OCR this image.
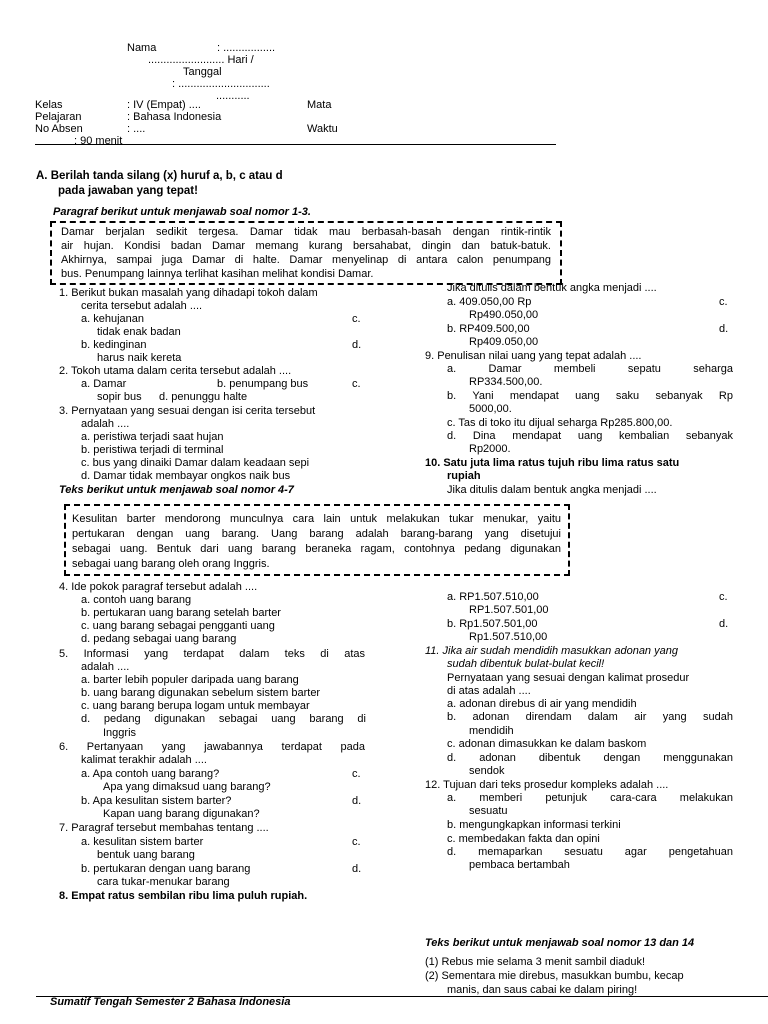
Nama	: .................
......................... Hari /
Tanggal
: ..............................
...........
Kelas	: IV (Empat) ....	Mata
Pelajaran	: Bahasa Indonesia
No Absen	: ....	Waktu
: 90 menit
A. Berilah tanda silang (x) huruf a, b, c atau d
pada jawaban yang tepat!
Paragraf berikut untuk menjawab soal nomor 1-3.
Damar berjalan sedikit tergesa. Damar tidak mau berbasah-basah dengan rintik-rintik
air hujan. Kondisi badan Damar memang kurang bersahabat, dingin dan batuk-batuk.
Akhirnya, sampai juga Damar di halte. Damar menyelinap di antara calon penumpang
bus. Penumpang lainnya terlihat kasihan melihat kondisi Damar.
1. Berikut bukan masalah yang dihadapi tokoh dalam
cerita tersebut adalah ....
a. kehujanan	c.
tidak enak badan
b. kedinginan	d.
harus naik kereta
2. Tokoh utama dalam cerita tersebut adalah ....
a. Damar	b. penumpang bus	c.
sopir bus d. penunggu halte
3. Pernyataan yang sesuai dengan isi cerita tersebut
adalah ....
a. peristiwa terjadi saat hujan
b. peristiwa terjadi di terminal
c. bus yang dinaiki Damar dalam keadaan sepi
d. Damar tidak membayar ongkos naik bus
Teks berikut untuk menjawab soal nomor 4-7
Kesulitan barter mendorong munculnya cara lain untuk melakukan tukar menukar, yaitu
pertukaran dengan uang barang. Uang barang adalah barang-barang yang disetujui
sebagai uang. Bentuk dari uang barang beraneka ragam, contohnya pedang digunakan
sebagai uang barang oleh orang Inggris.
4. Ide pokok paragraf tersebut adalah ....
a. contoh uang barang
b. pertukaran uang barang setelah barter
c. uang barang sebagai pengganti uang
d. pedang sebagai uang barang
5. Informasi yang terdapat dalam teks di atas
adalah ....
a. barter lebih populer daripada uang barang
b. uang barang digunakan sebelum sistem barter
c. uang barang berupa logam untuk membayar
d. pedang digunakan sebagai uang barang di
Inggris
6. Pertanyaan yang jawabannya terdapat pada
kalimat terakhir adalah ....
a. Apa contoh uang barang?	c.
Apa yang dimaksud uang barang?
b. Apa kesulitan sistem barter?	d.
Kapan uang barang digunakan?
7. Paragraf tersebut membahas tentang ....
a. kesulitan sistem barter	c.
bentuk uang barang
b. pertukaran dengan uang barang	d.
cara tukar-menukar barang
8. Empat ratus sembilan ribu lima puluh rupiah.
Jika ditulis dalam bentuk angka menjadi ....
a. 409.050,00 Rp	c.
Rp490.050,00
b. RP409.500,00	d.
Rp409.050,00
9. Penulisan nilai uang yang tepat adalah ....
a. Damar membeli sepatu seharga
RP334.500,00.
b. Yani mendapat uang saku sebanyak Rp
5000,00.
c. Tas di toko itu dijual seharga Rp285.800,00.
d. Dina mendapat uang kembalian sebanyak
Rp2000.
10. Satu juta lima ratus tujuh ribu lima ratus satu
rupiah
Jika ditulis dalam bentuk angka menjadi ....
a. RP1.507.510,00	c.
RP1.507.501,00
b. Rp1.507.501,00	d.
Rp1.507.510,00
11. Jika air sudah mendidih masukkan adonan yang
sudah dibentuk bulat-bulat kecil!
Pernyataan yang sesuai dengan kalimat prosedur
di atas adalah ....
a. adonan direbus di air yang mendidih
b. adonan direndam dalam air yang sudah
mendidih
c. adonan dimasukkan ke dalam baskom
d. adonan dibentuk dengan menggunakan
sendok
12. Tujuan dari teks prosedur kompleks adalah ....
a. memberi petunjuk cara-cara melakukan
sesuatu
b. mengungkapkan informasi terkini
c. membedakan fakta dan opini
d. memaparkan sesuatu agar pengetahuan
pembaca bertambah
Teks berikut untuk menjawab soal nomor 13 dan 14
(1) Rebus mie selama 3 menit sambil diaduk!
(2) Sementara mie direbus, masukkan bumbu, kecap
manis, dan saus cabai ke dalam piring!
Sumatif Tengah Semester 2 Bahasa Indonesia
